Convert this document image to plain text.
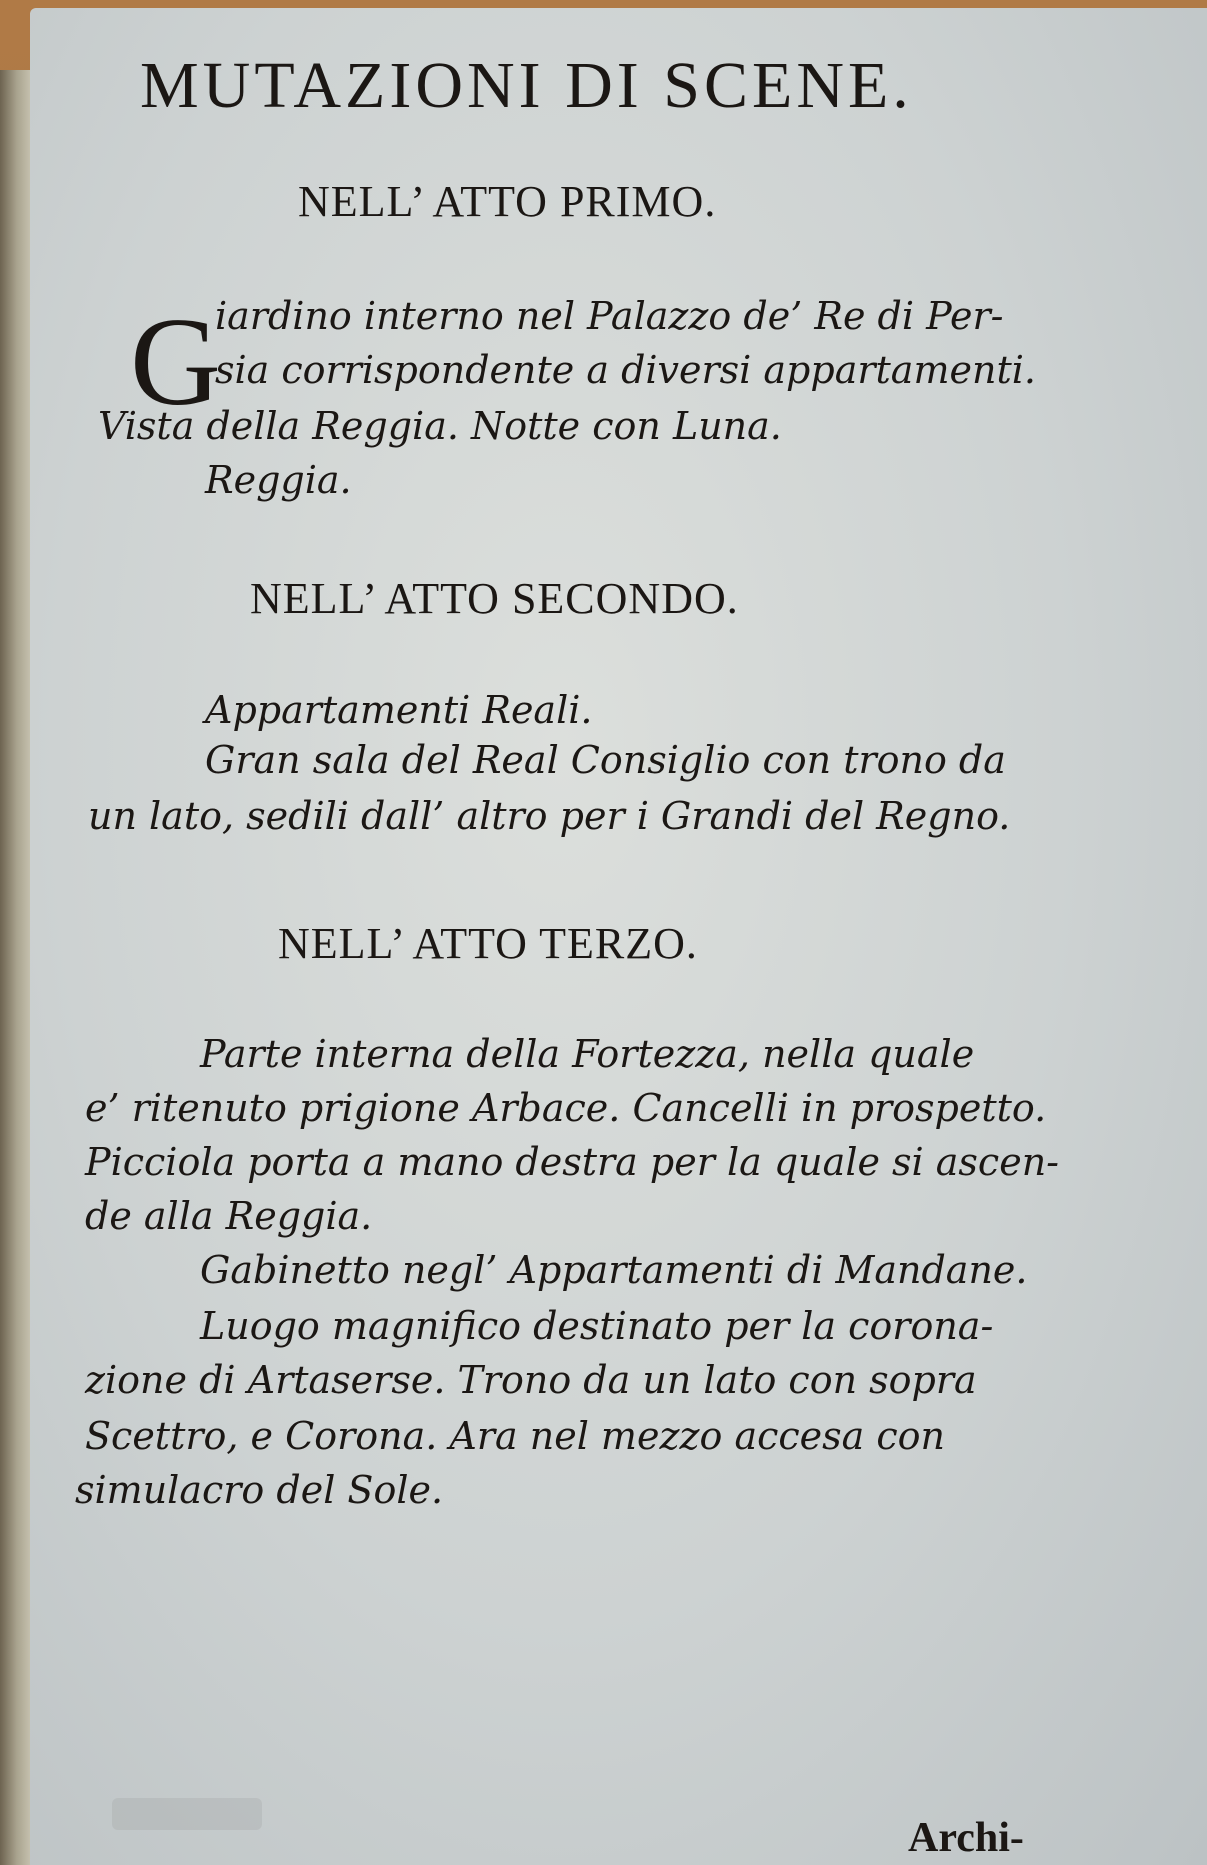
MUTAZIONI DI SCENE.
NELL’ ATTO PRIMO.
G
iardino interno nel Palazzo de’ Re di Per-
sia corrispondente a diversi appartamenti.
Vista della Reggia. Notte con Luna.
Reggia.
NELL’ ATTO SECONDO.
Appartamenti Reali.
Gran sala del Real Consiglio con trono da
un lato, sedili dall’ altro per i Grandi del Regno.
NELL’ ATTO TERZO.
Parte interna della Fortezza, nella quale
e’ ritenuto prigione Arbace. Cancelli in prospetto.
Picciola porta a mano destra per la quale si ascen-
de alla Reggia.
Gabinetto negl’ Appartamenti di Mandane.
Luogo magnifico destinato per la corona-
zione di Artaserse. Trono da un lato con sopra
Scettro, e Corona. Ara nel mezzo accesa con
simulacro del Sole.
Archi-
